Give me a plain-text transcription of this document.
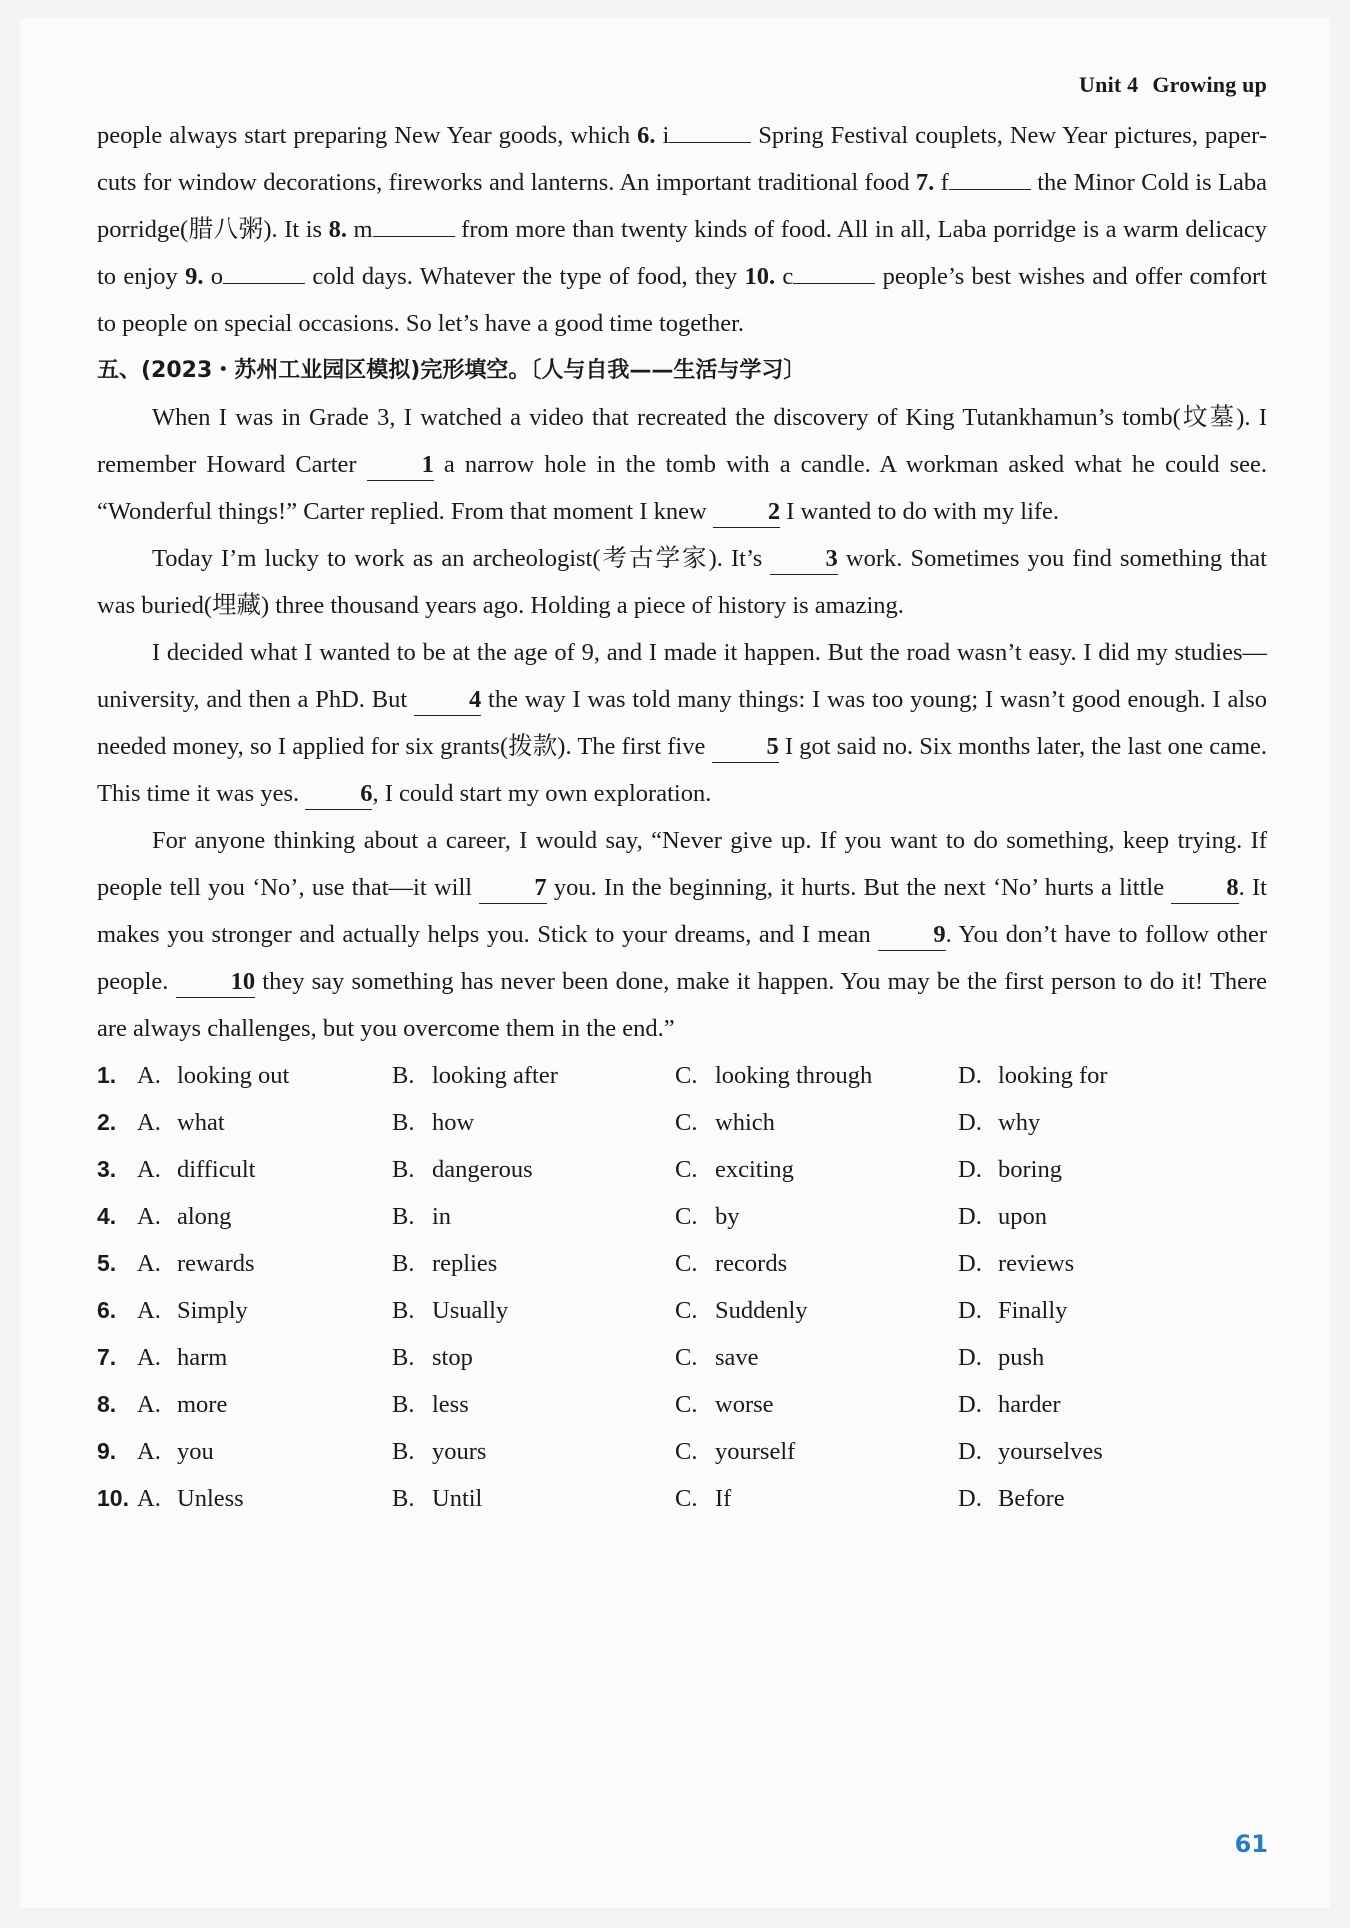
Unit 4 Growing up

people always start preparing New Year goods, which 6. i	Spring Festival couplets, New Year pictures, paper-cuts for window decorations, fireworks and lanterns. An important traditional food 7. f	the Minor Cold is Laba porridge(腊八粥). It is 8. m	from more than twenty kinds of food. All in all, Laba porridge is a warm delicacy to enjoy 9. o	cold days. Whatever the type of food, they 10. c	people’s best wishes and offer comfort to people on special occasions. So let’s have a good time together.

五、(2023・苏州工业园区模拟)完形填空。〔人与自我——生活与学习〕

When I was in Grade 3, I watched a video that recreated the discovery of King Tutankhamun’s tomb(坟墓). I remember Howard Carter 1 a narrow hole in the tomb with a candle. A workman asked what he could see. “Wonderful things!” Carter replied. From that moment I knew 2 I wanted to do with my life.

Today I’m lucky to work as an archeologist(考古学家). It’s 3 work. Sometimes you find something that was buried(埋藏) three thousand years ago. Holding a piece of history is amazing.

I decided what I wanted to be at the age of 9, and I made it happen. But the road wasn’t easy. I did my studies—university, and then a PhD. But 4 the way I was told many things: I was too young; I wasn’t good enough. I also needed money, so I applied for six grants(拨款). The first five 5 I got said no. Six months later, the last one came. This time it was yes. 6, I could start my own exploration.

For anyone thinking about a career, I would say, “Never give up. If you want to do something, keep trying. If people tell you ‘No’, use that—it will 7 you. In the beginning, it hurts. But the next ‘No’ hurts a little 8. It makes you stronger and actually helps you. Stick to your dreams, and I mean 9. You don’t have to follow other people. 10 they say something has never been done, make it happen. You may be the first person to do it! There are always challenges, but you overcome them in the end.”

1. A. looking out	B. looking after	C. looking through	D. looking for
2. A. what	B. how	C. which	D. why
3. A. difficult	B. dangerous	C. exciting	D. boring
4. A. along	B. in	C. by	D. upon
5. A. rewards	B. replies	C. records	D. reviews
6. A. Simply	B. Usually	C. Suddenly	D. Finally
7. A. harm	B. stop	C. save	D. push
8. A. more	B. less	C. worse	D. harder
9. A. you	B. yours	C. yourself	D. yourselves
10. A. Unless	B. Until	C. If	D. Before
61
